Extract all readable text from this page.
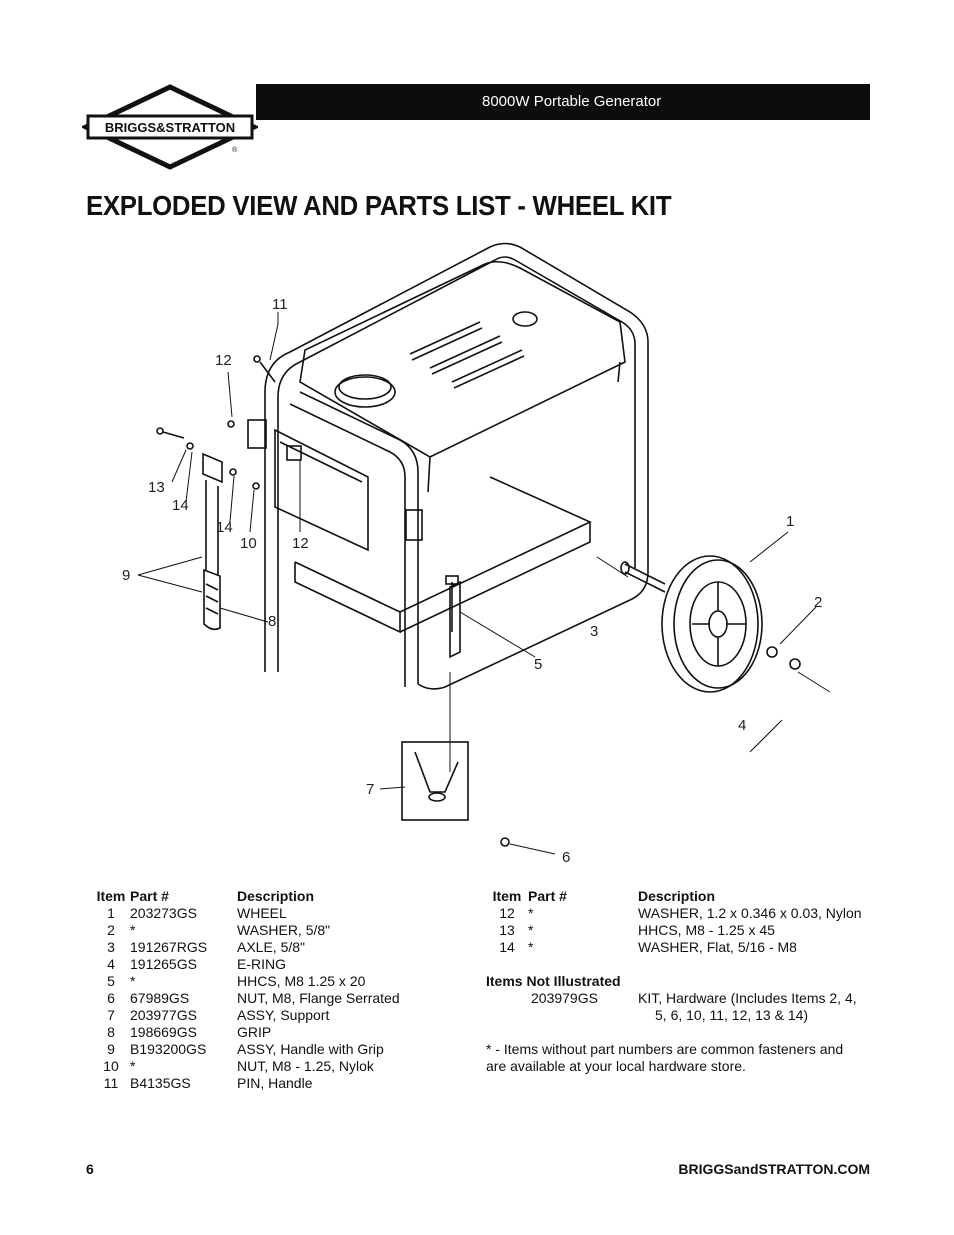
BRIGGS&STRATTON
®
8000W Portable Generator
EXPLODED VIEW AND PARTS LIST - WHEEL KIT
11
12
13
14
14
10 12
9
8
3
5
1
2
4
7
6
Item Part #	Description
1	203273GS	WHEEL
2	*	WASHER, 5/8"
3	191267RGS	AXLE, 5/8"
4	191265GS	E-RING
5	*	HHCS, M8 1.25 x 20
6	67989GS	NUT, M8, Flange Serrated
7	203977GS	ASSY, Support
8	198669GS	GRIP
9	B193200GS	ASSY, Handle with Grip
10 *	NUT, M8 - 1.25, Nylok
11 B4135GS	PIN, Handle
Item Part #	Description
12 *	WASHER, 1.2 x 0.346 x 0.03, Nylon
13 *	HHCS, M8 - 1.25 x 45
14 *	WASHER, Flat, 5/16 - M8
Items Not Illustrated
203979GS	KIT, Hardware (Includes Items 2, 4,
5, 6, 10, 11, 12, 13 & 14)
* - Items without part numbers are common fasteners and are available at your local hardware store.
6	BRIGGSandSTRATTON.COM
